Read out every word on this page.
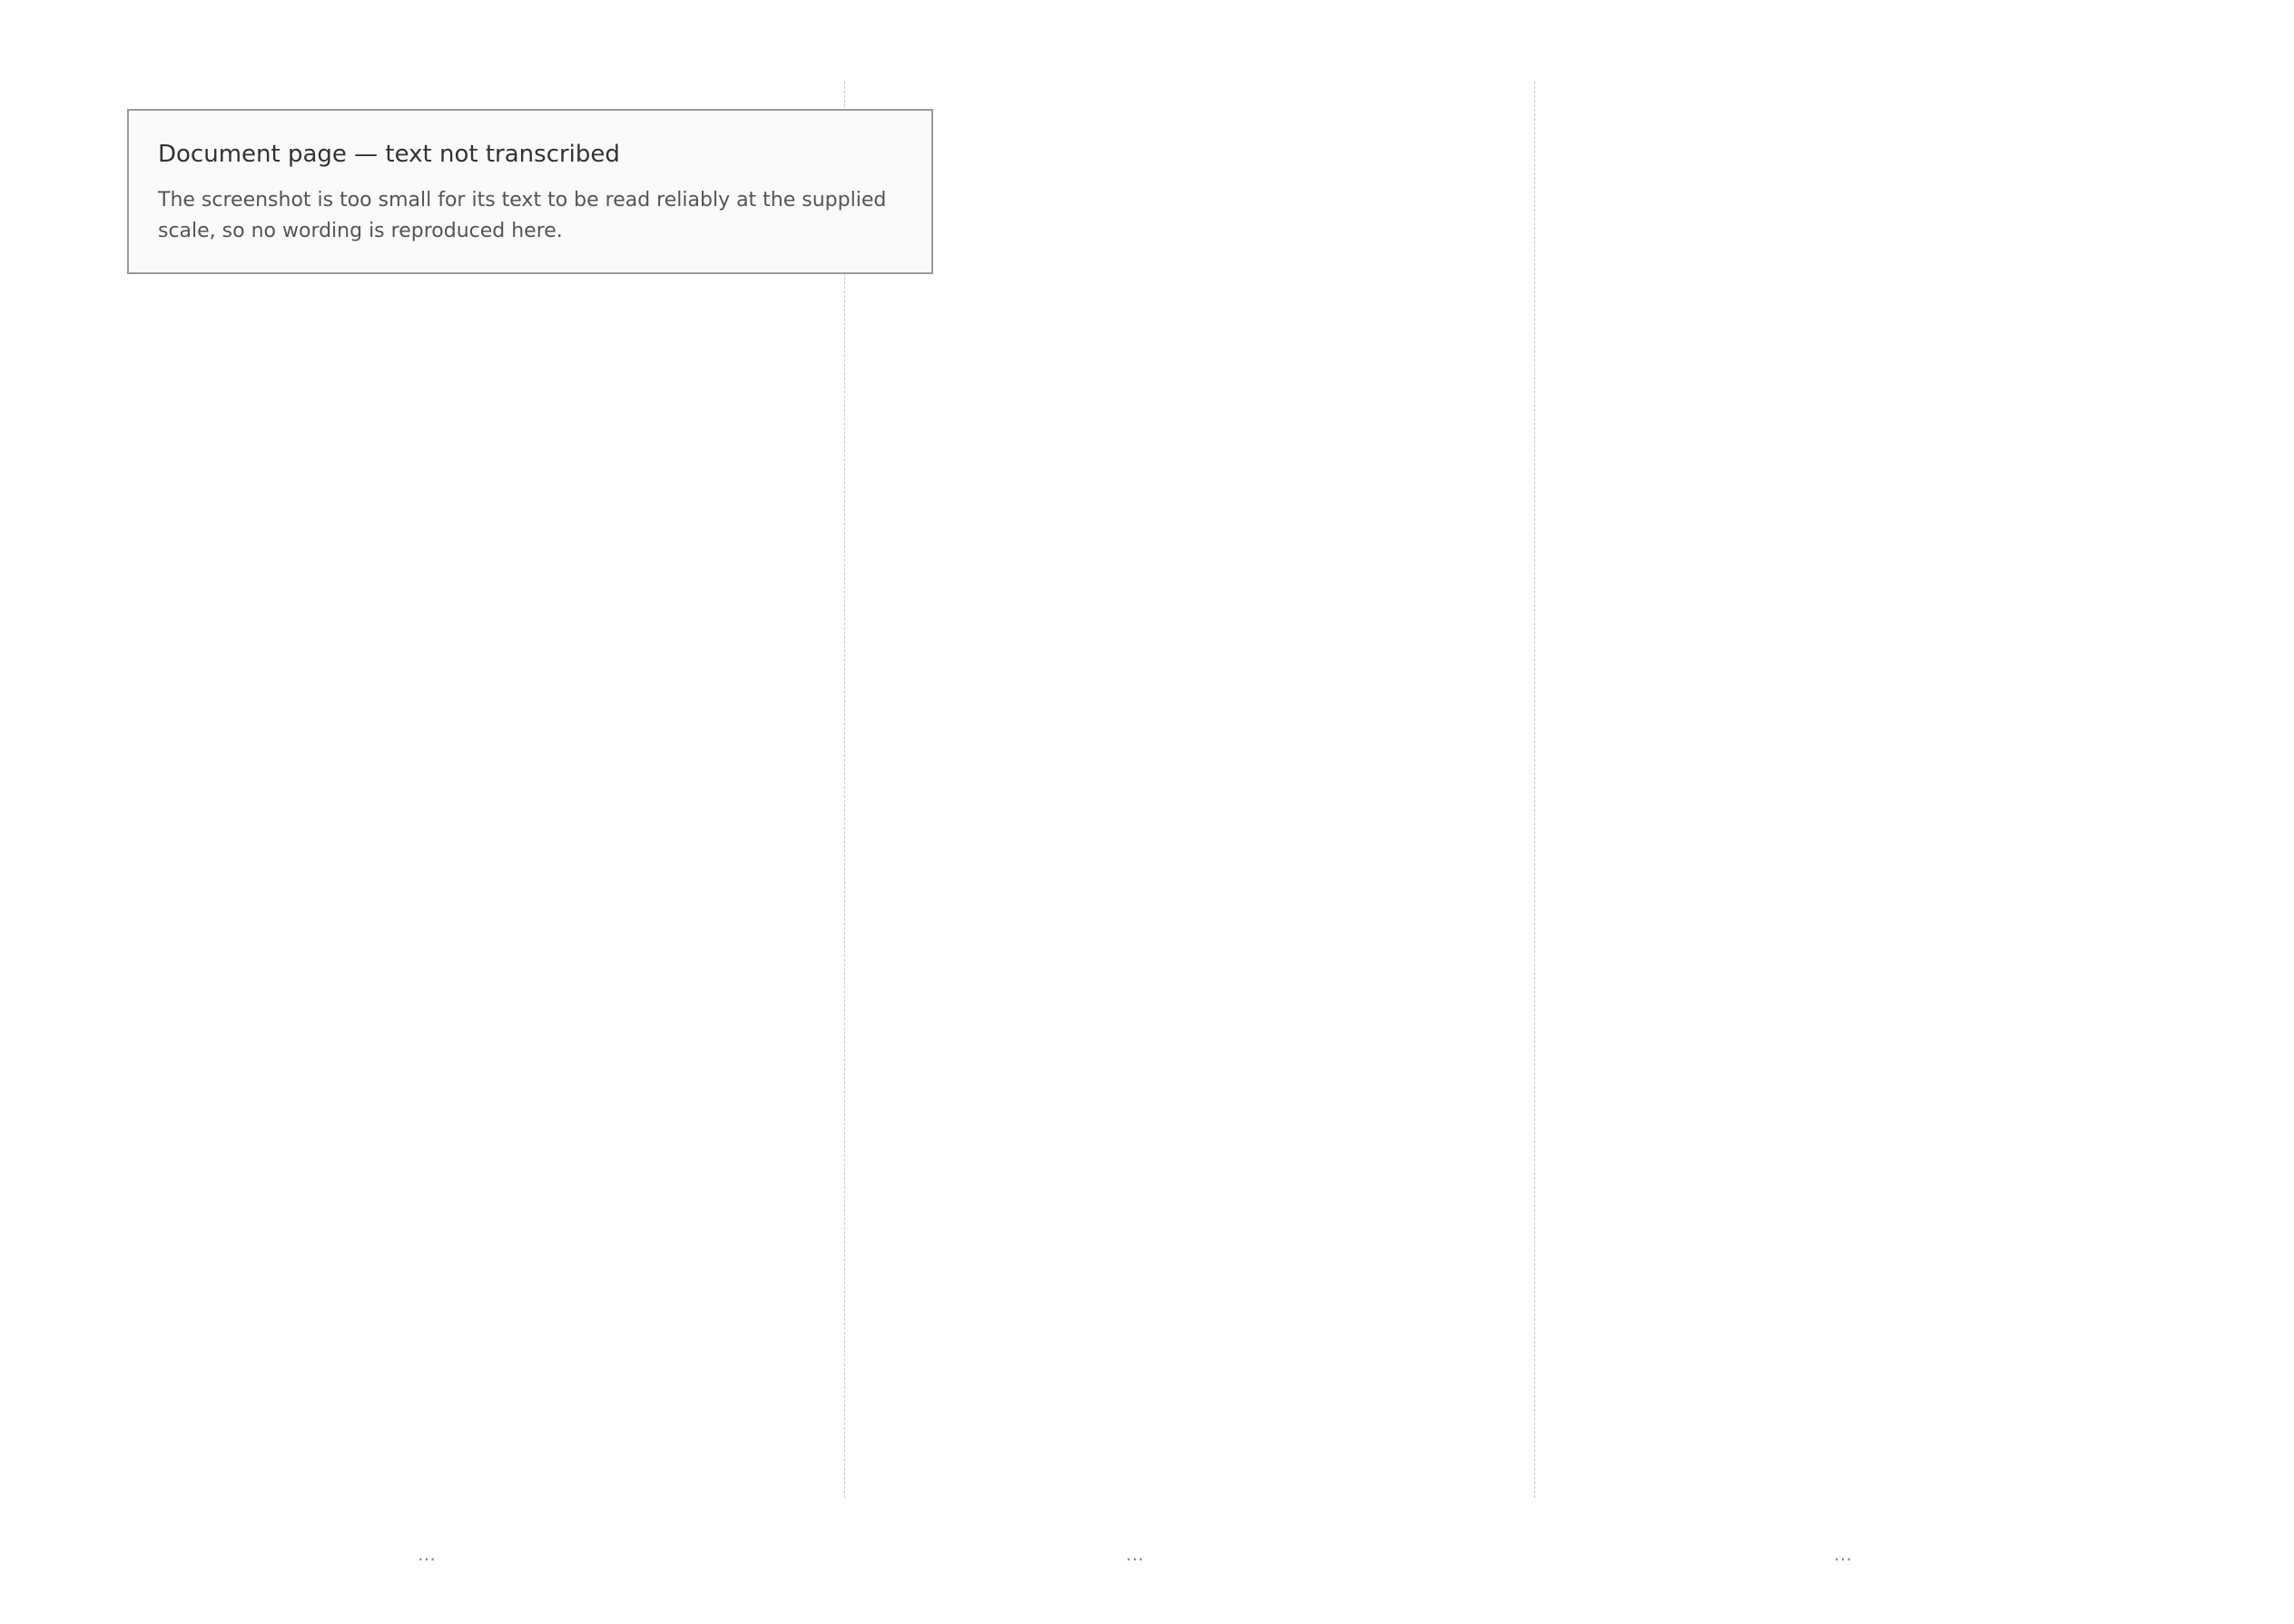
Document page — text not transcribed
The screenshot is too small for its text to be read reliably at the supplied scale, so no wording is reproduced here.
…	…	…
